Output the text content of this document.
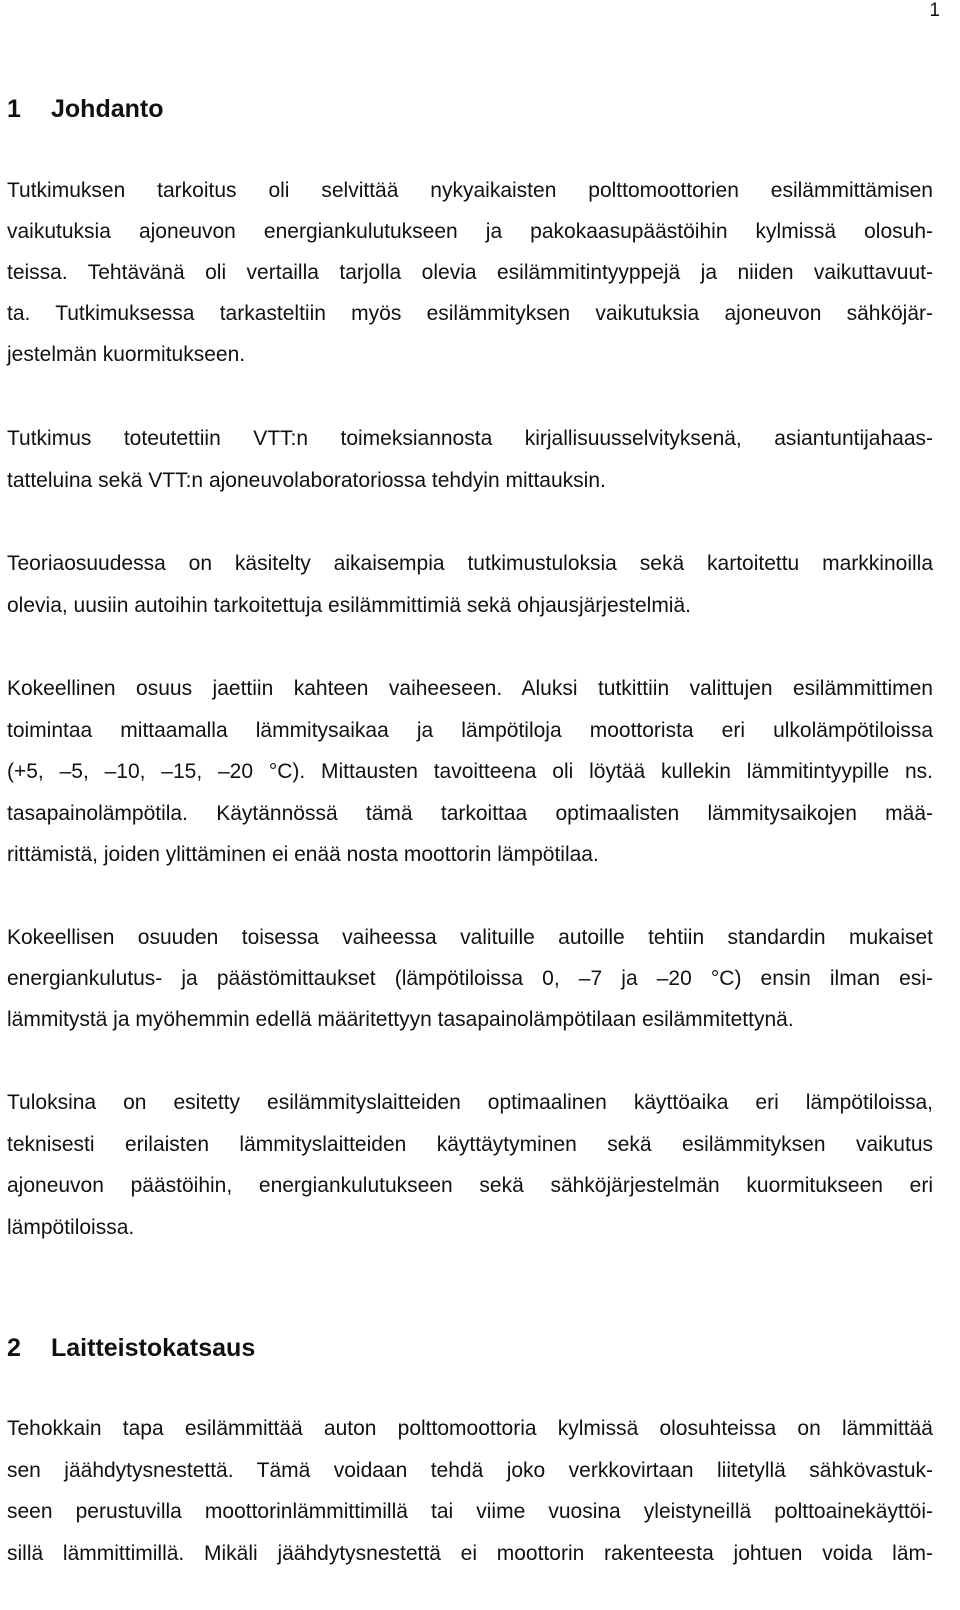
1
1 Johdanto
Tutkimuksen tarkoitus oli selvittää nykyaikaisten polttomoottorien esilämmittämisen
vaikutuksia ajoneuvon energiankulutukseen ja pakokaasupäästöihin kylmissä olosuh-
teissa. Tehtävänä oli vertailla tarjolla olevia esilämmitintyyppejä ja niiden vaikuttavuut-
ta. Tutkimuksessa tarkasteltiin myös esilämmityksen vaikutuksia ajoneuvon sähköjär-
jestelmän kuormitukseen.
Tutkimus toteutettiin VTT:n toimeksiannosta kirjallisuusselvityksenä, asiantuntijahaas-
tatteluina sekä VTT:n ajoneuvolaboratoriossa tehdyin mittauksin.
Teoriaosuudessa on käsitelty aikaisempia tutkimustuloksia sekä kartoitettu markkinoilla
olevia, uusiin autoihin tarkoitettuja esilämmittimiä sekä ohjausjärjestelmiä.
Kokeellinen osuus jaettiin kahteen vaiheeseen. Aluksi tutkittiin valittujen esilämmittimen
toimintaa mittaamalla lämmitysaikaa ja lämpötiloja moottorista eri ulkolämpötiloissa
(+5, –5, –10, –15, –20 °C). Mittausten tavoitteena oli löytää kullekin lämmitintyypille ns.
tasapainolämpötila. Käytännössä tämä tarkoittaa optimaalisten lämmitysaikojen mää-
rittämistä, joiden ylittäminen ei enää nosta moottorin lämpötilaa.
Kokeellisen osuuden toisessa vaiheessa valituille autoille tehtiin standardin mukaiset
energiankulutus- ja päästömittaukset (lämpötiloissa 0, –7 ja –20 °C) ensin ilman esi-
lämmitystä ja myöhemmin edellä määritettyyn tasapainolämpötilaan esilämmitettynä.
Tuloksina on esitetty esilämmityslaitteiden optimaalinen käyttöaika eri lämpötiloissa,
teknisesti erilaisten lämmityslaitteiden käyttäytyminen sekä esilämmityksen vaikutus
ajoneuvon päästöihin, energiankulutukseen sekä sähköjärjestelmän kuormitukseen eri
lämpötiloissa.
2 Laitteistokatsaus
Tehokkain tapa esilämmittää auton polttomoottoria kylmissä olosuhteissa on lämmittää
sen jäähdytysnestettä. Tämä voidaan tehdä joko verkkovirtaan liitetyllä sähkövastuk-
seen perustuvilla moottorinlämmittimillä tai viime vuosina yleistyneillä polttoainekäyttöi-
sillä lämmittimillä. Mikäli jäähdytysnestettä ei moottorin rakenteesta johtuen voida läm-
